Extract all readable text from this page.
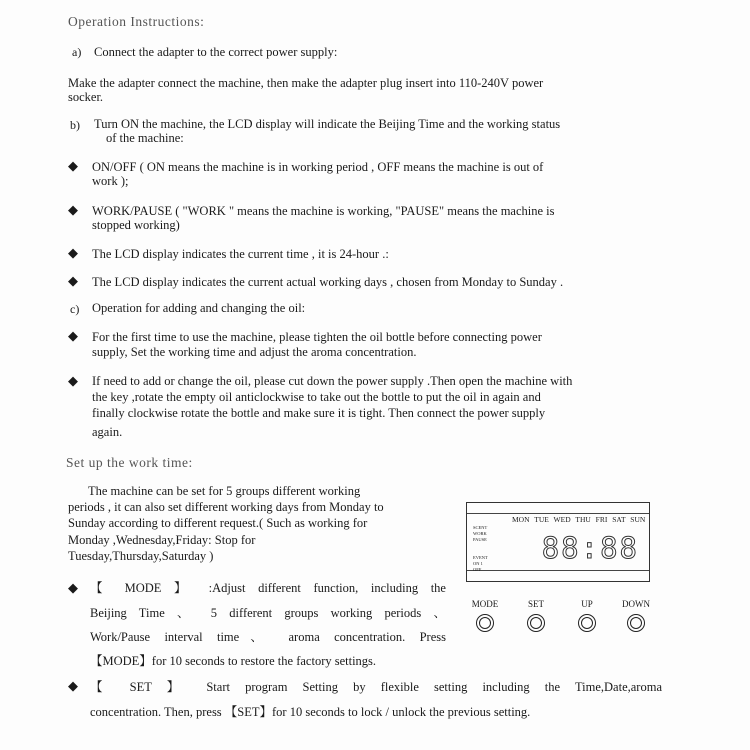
Operation Instructions:
a) Connect the adapter to the correct power supply:
Make the adapter connect the machine, then make the adapter plug insert into 110-240V power
socker.
b) Turn ON the machine, the LCD display will indicate the Beijing Time and the working status
of the machine:
◆ ON/OFF ( ON means the machine is in working period , OFF means the machine is out of
work );
◆ WORK/PAUSE ( "WORK " means the machine is working, "PAUSE" means the machine is
stopped working)
◆ The LCD display indicates the current time , it is 24-hour .:
◆ The LCD display indicates the current actual working days , chosen from Monday to Sunday .
c) Operation for adding and changing the oil:
◆ For the first time to use the machine, please tighten the oil bottle before connecting power
supply, Set the working time and adjust the aroma concentration.
◆ If need to add or change the oil, please cut down the power supply .Then open the machine with
the key ,rotate the empty oil anticlockwise to take out the bottle to put the oil in again and
finally clockwise rotate the bottle and make sure it is tight. Then connect the power supply
again.
Set up the work time:
The machine can be set for 5 groups different working
periods , it can also set different working days from Monday to
Sunday according to different request.( Such as working for
Monday ,Wednesday,Friday: Stop for
Tuesday,Thursday,Saturday )
◆ 【 MODE 】 :Adjust different function, including the
Beijing Time 、 5 different groups working periods 、
Work/Pause interval time、 aroma concentration. Press
【MODE】for 10 seconds to restore the factory settings.
◆ 【 SET 】 Start program Setting by flexible setting including the Time,Date,aroma
concentration. Then, press 【SET】for 10 seconds to lock / unlock the previous setting.
MON TUE WED THU FRI SAT SUN
SCENT
WORK
PAUSE
EVENT
ON 1
OFF
88:88
MODE	SET	UP	DOWN
